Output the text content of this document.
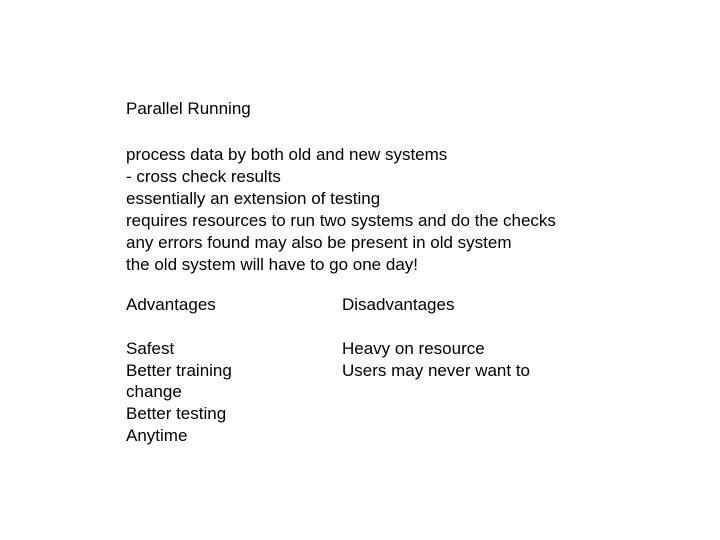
Parallel Running
process data by both old and new systems
- cross check results
essentially an extension of testing
requires resources to run two systems and do the checks
any errors found may also be present in old system
the old system will have to go one day!
Advantages
Safest
Better training
change
Better testing
Anytime
Disadvantages
Heavy on resource
Users may never want to
